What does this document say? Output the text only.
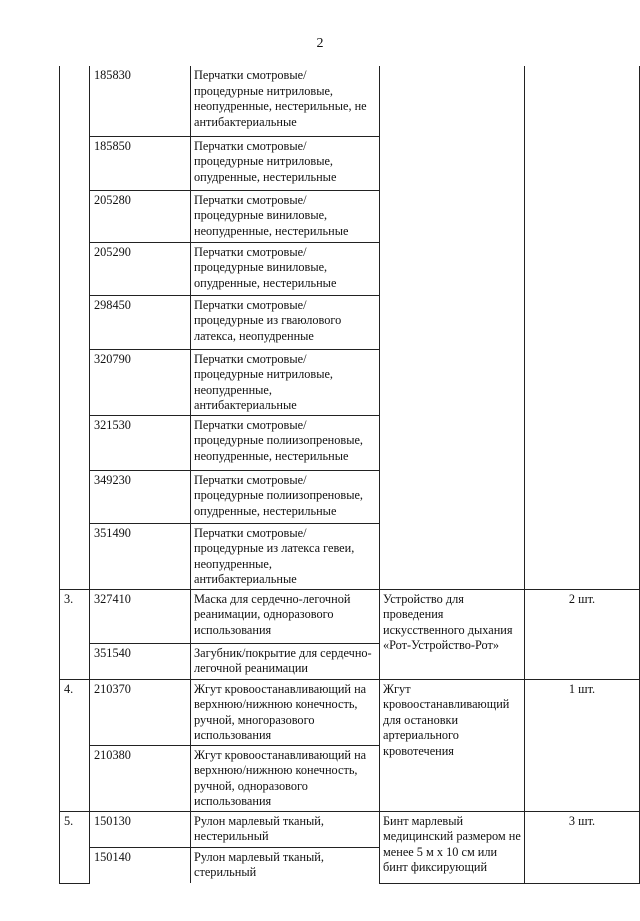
2
	185830	Перчатки смотровые/ процедурные нитриловые, неопудренные, нестерильные, не антибактериальные		
	185850	Перчатки смотровые/ процедурные нитриловые, опудренные, нестерильные		
	205280	Перчатки смотровые/ процедурные виниловые, неопудренные, нестерильные		
	205290	Перчатки смотровые/ процедурные виниловые, опудренные, нестерильные		
	298450	Перчатки смотровые/ процедурные из гваюлового латекса, неопудренные		
	320790	Перчатки смотровые/ процедурные нитриловые, неопудренные, антибактериальные		
	321530	Перчатки смотровые/ процедурные полиизопреновые, неопудренные, нестерильные		
	349230	Перчатки смотровые/ процедурные полиизопреновые, опудренные, нестерильные		
	351490	Перчатки смотровые/ процедурные из латекса гевеи, неопудренные, антибактериальные		
3.	327410	Маска для сердечно-легочной реанимации, одноразового использования	Устройство для проведения искусственного дыхания «Рот-Устройство-Рот»	2 шт.
	351540	Загубник/покрытие для сердечно-легочной реанимации		
4.	210370	Жгут кровоостанавливающий на верхнюю/нижнюю конечность, ручной, многоразового использования	Жгут кровоостанавливающий для остановки артериального кровотечения	1 шт.
	210380	Жгут кровоостанавливающий на верхнюю/нижнюю конечность, ручной, одноразового использования		
5.	150130	Рулон марлевый тканый, нестерильный	Бинт марлевый медицинский размером не менее 5 м х 10 см или бинт фиксирующий	3 шт.
	150140	Рулон марлевый тканый, стерильный		
